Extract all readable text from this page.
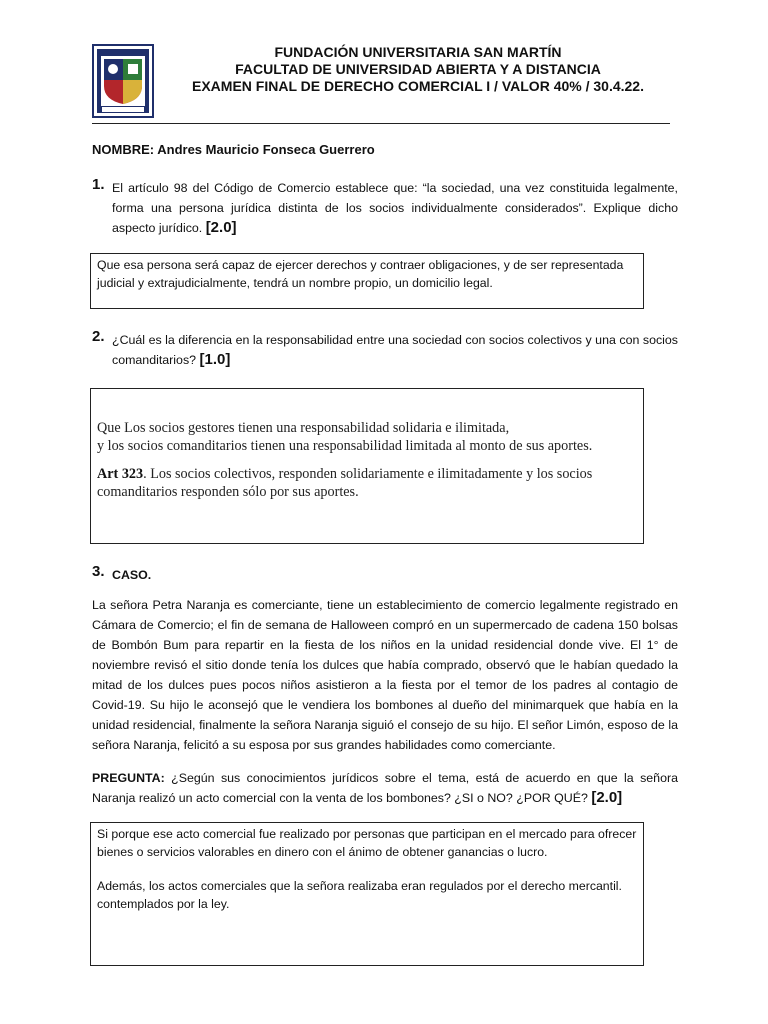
FUNDACIÓN UNIVERSITARIA SAN MARTÍN
FACULTAD DE UNIVERSIDAD ABIERTA Y A DISTANCIA
EXAMEN FINAL DE DERECHO COMERCIAL I / VALOR 40% / 30.4.22.
NOMBRE: Andres Mauricio Fonseca Guerrero
1. El artículo 98 del Código de Comercio establece que: “la sociedad, una vez constituida legalmente, forma una persona jurídica distinta de los socios individualmente considerados”. Explique dicho aspecto jurídico. [2.0]
Que esa persona será capaz de ejercer derechos y contraer obligaciones, y de ser representada judicial y extrajudicialmente, tendrá un nombre propio, un domicilio legal.
2. ¿Cuál es la diferencia en la responsabilidad entre una sociedad con socios colectivos y una con socios comanditarios? [1.0]
Que Los socios gestores tienen una responsabilidad solidaria e ilimitada,
y los socios comanditarios tienen una responsabilidad limitada al monto de sus aportes.
Art 323. Los socios colectivos, responden solidariamente e ilimitadamente y los socios comanditarios responden sólo por sus aportes.
3. CASO.
La señora Petra Naranja es comerciante, tiene un establecimiento de comercio legalmente registrado en Cámara de Comercio; el fin de semana de Halloween compró en un supermercado de cadena 150 bolsas de Bombón Bum para repartir en la fiesta de los niños en la unidad residencial donde vive. El 1° de noviembre revisó el sitio donde tenía los dulces que había comprado, observó que le habían quedado la mitad de los dulces pues pocos niños asistieron a la fiesta por el temor de los padres al contagio de Covid-19. Su hijo le aconsejó que le vendiera los bombones al dueño del minimarquek que había en la unidad residencial, finalmente la señora Naranja siguió el consejo de su hijo. El señor Limón, esposo de la señora Naranja, felicitó a su esposa por sus grandes habilidades como comerciante.
PREGUNTA: ¿Según sus conocimientos jurídicos sobre el tema, está de acuerdo en que la señora Naranja realizó un acto comercial con la venta de los bombones? ¿SI o NO? ¿POR QUÉ? [2.0]
Si porque ese acto comercial fue realizado por personas que participan en el mercado para ofrecer bienes o servicios valorables en dinero con el ánimo de obtener ganancias o lucro.
Además, los actos comerciales que la señora realizaba eran regulados por el derecho mercantil. contemplados por la ley.
